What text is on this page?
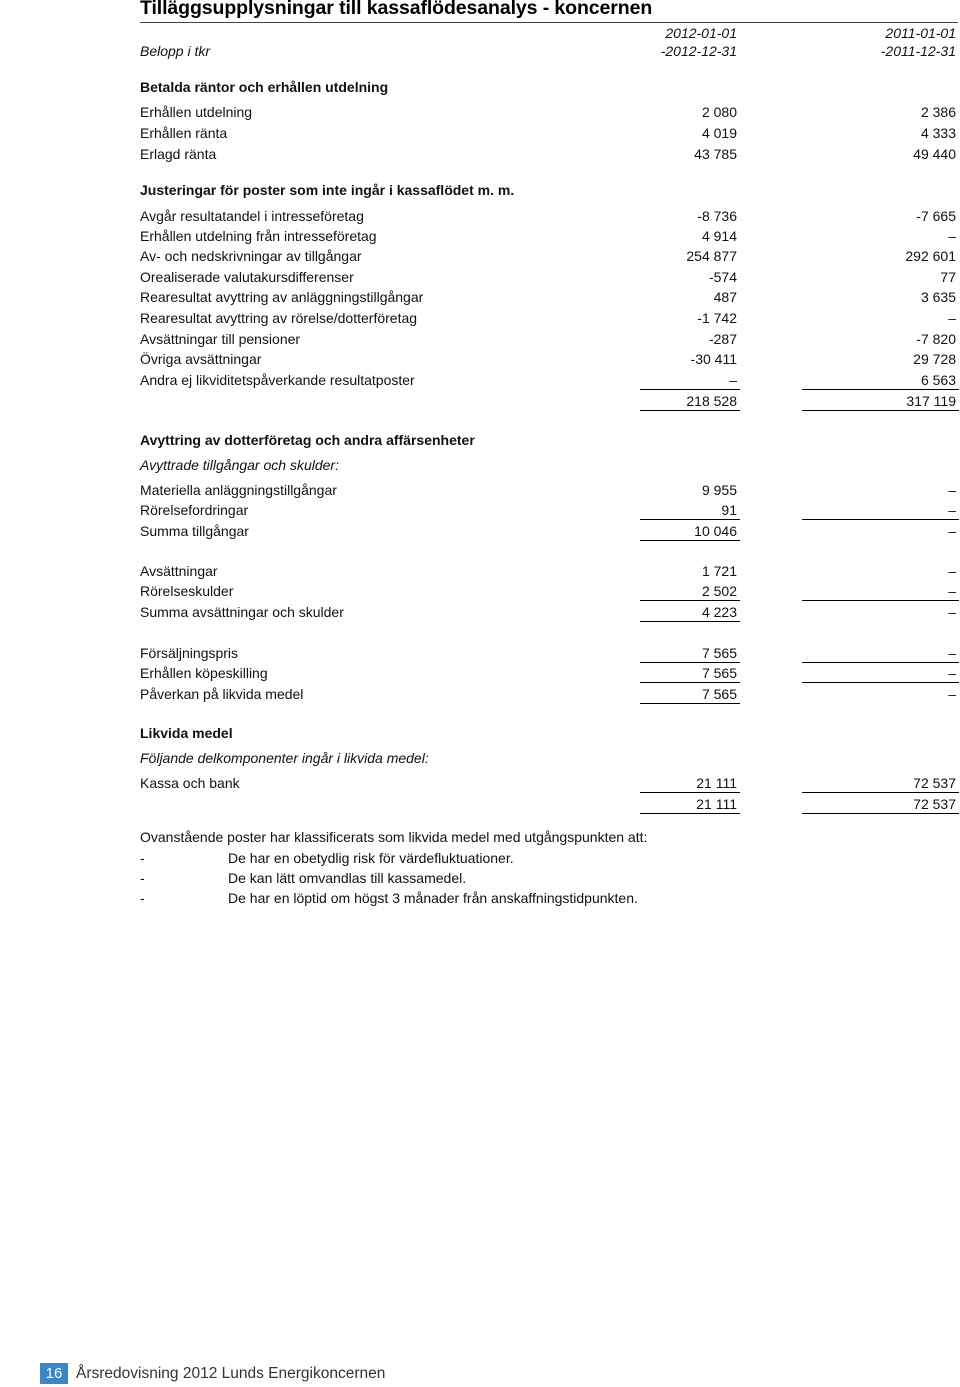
Tilläggsupplysningar till kassaflödesanalys - koncernen
2012-01-01	2011-01-01
Belopp i tkr	-2012-12-31	-2011-12-31
Betalda räntor och erhållen utdelning
Erhållen utdelning	2 080	2 386
Erhållen ränta	4 019	4 333
Erlagd ränta	43 785	49 440
Justeringar för poster som inte ingår i kassaflödet m. m.
Avgår resultatandel i intresseföretag	-8 736	-7 665
Erhållen utdelning från intresseföretag	4 914	–
Av- och nedskrivningar av tillgångar	254 877	292 601
Orealiserade valutakursdifferenser	-574	77
Rearesultat avyttring av anläggningstillgångar	487	3 635
Rearesultat avyttring av rörelse/dotterföretag	-1 742	–
Avsättningar till pensioner	-287	-7 820
Övriga avsättningar	-30 411	29 728
Andra ej likviditetspåverkande resultatposter	–	6 563
218 528	317 119
Avyttring av dotterföretag och andra affärsenheter
Avyttrade tillgångar och skulder:
Materiella anläggningstillgångar	9 955	–
Rörelsefordringar	91	–
Summa tillgångar	10 046	–
Avsättningar	1 721	–
Rörelseskulder	2 502	–
Summa avsättningar och skulder	4 223	–
Försäljningspris	7 565	–
Erhållen köpeskilling	7 565	–
Påverkan på likvida medel	7 565	–
Likvida medel
Följande delkomponenter ingår i likvida medel:
Kassa och bank	21 111	72 537
21 111	72 537
Ovanstående poster har klassificerats som likvida medel med utgångspunkten att:
-	De har en obetydlig risk för värdefluktuationer.
-	De kan lätt omvandlas till kassamedel.
-	De har en löptid om högst 3 månader från anskaffningstidpunkten.
16 Årsredovisning 2012 Lunds Energikoncernen
